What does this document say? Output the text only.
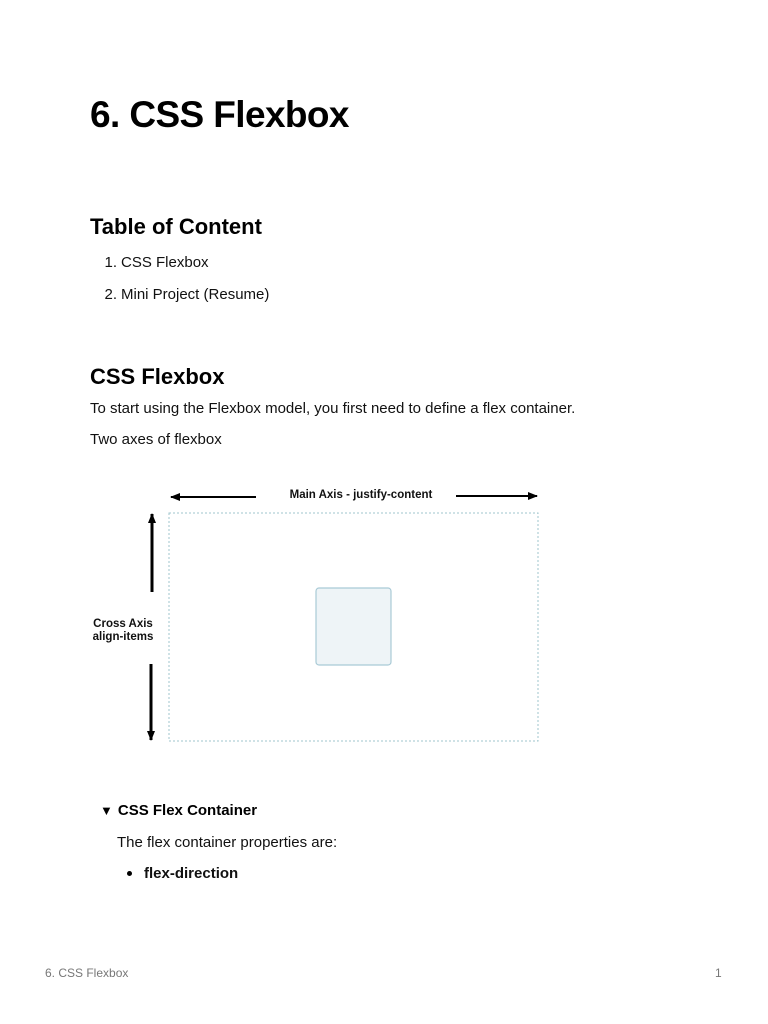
6. CSS Flexbox
Table of Content
1. CSS Flexbox
2. Mini Project (Resume)
CSS Flexbox

To start using the Flexbox model, you first need to define a flex container.

Two axes of flexbox

Main Axis - justify-content
Cross Axis
align-items
▼ CSS Flex Container

The flex container properties are:

flex-direction
6. CSS Flexbox	1
